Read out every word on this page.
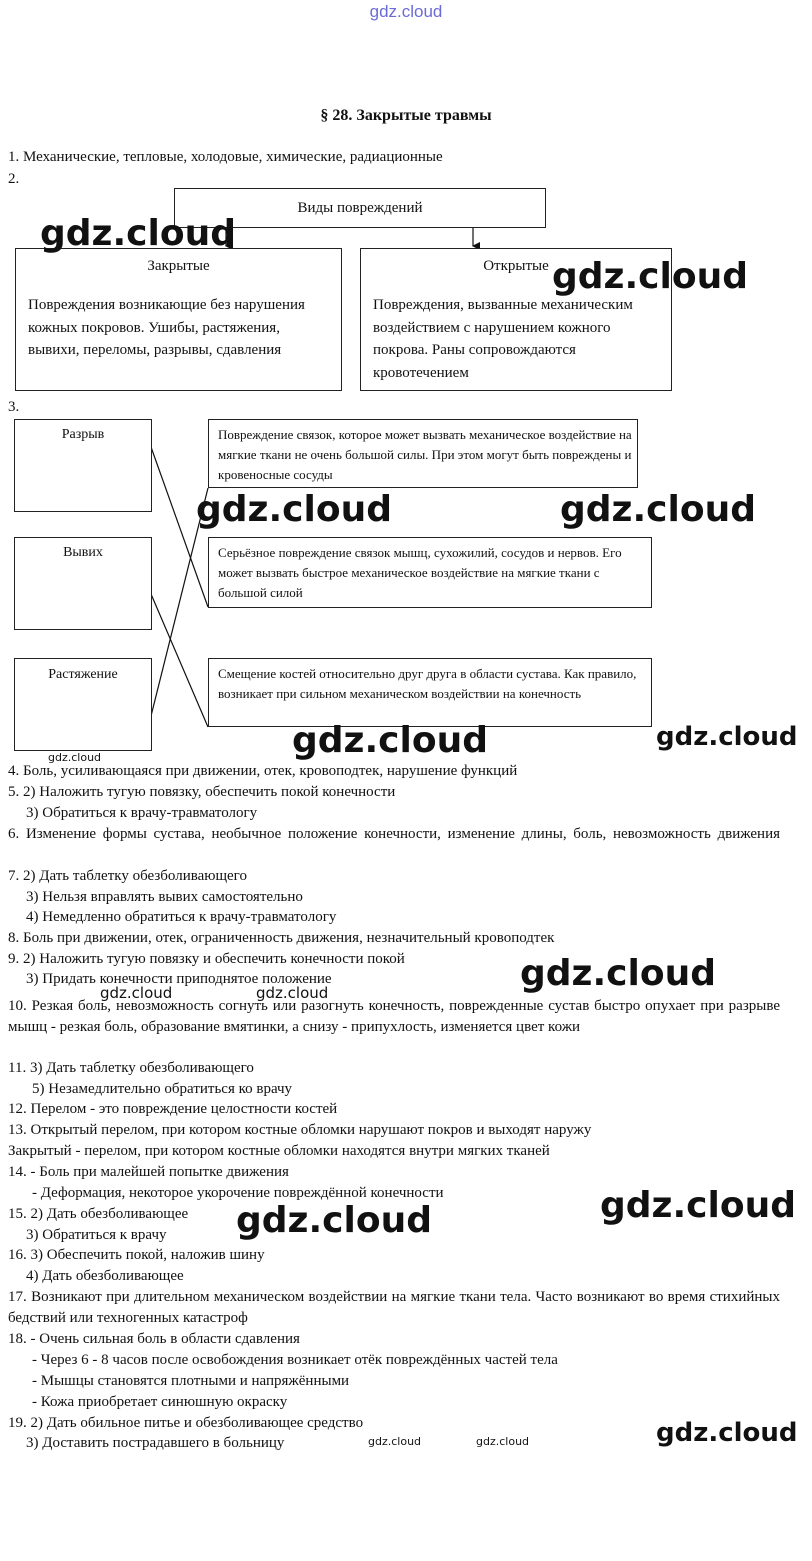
gdz.cloud
§ 28. Закрытые травмы
1. Механические, тепловые, холодовые, химические, радиационные
2.
Виды повреждений
Закрытые
Повреждения возникающие без нарушения кожных покровов. Ушибы, растяжения, вывихи, переломы, разрывы, сдавления
Открытые
Повреждения, вызванные механическим воздействием с нарушением кожного покрова. Раны сопровождаются кровотечением
3.
Разрыв
Вывих
Растяжение
Повреждение связок, которое может вызвать механическое воздействие на мягкие ткани не очень большой силы. При этом могут быть повреждены и кровеносные сосуды
Серьёзное повреждение связок мышц, сухожилий, сосудов и нервов. Его может вызвать быстрое механическое воздействие на мягкие ткани с большой силой
Смещение костей относительно друг друга в области сустава. Как правило, возникает при сильном механическом воздействии на конечность
4. Боль, усиливающаяся при движении, отек, кровоподтек, нарушение функций
5. 2) Наложить тугую повязку, обеспечить покой конечности
3) Обратиться к врачу-травматологу
6. Изменение формы сустава, необычное положение конечности, изменение длины, боль, невозможность движения
7. 2) Дать таблетку обезболивающего
3) Нельзя вправлять вывих самостоятельно
4) Немедленно обратиться к врачу-травматологу
8. Боль при движении, отек, ограниченность движения, незначительный кровоподтек
9. 2) Наложить тугую повязку и обеспечить конечности покой
3) Придать конечности приподнятое положение
10. Резкая боль, невозможность согнуть или разогнуть конечность, поврежденные сустав быстро опухает при разрыве мышц - резкая боль, образование вмятинки, а снизу - припухлость, изменяется цвет кожи
11. 3) Дать таблетку обезболивающего
5) Незамедлительно обратиться ко врачу
12. Перелом - это повреждение целостности костей
13. Открытый перелом, при котором костные обломки нарушают покров и выходят наружу
Закрытый - перелом, при котором костные обломки находятся внутри мягких тканей
14. - Боль при малейшей попытке движения
- Деформация, некоторое укорочение повреждённой конечности
15. 2) Дать обезболивающее
3) Обратиться к врачу
16. 3) Обеспечить покой, наложив шину
4) Дать обезболивающее
17. Возникают при длительном механическом воздействии на мягкие ткани тела. Часто возникают во время стихийных бедствий или техногенных катастроф
18. - Очень сильная боль в области сдавления
- Через 6 - 8 часов после освобождения возникает отёк повреждённых частей тела
- Мышцы становятся плотными и напряжёнными
- Кожа приобретает синюшную окраску
19. 2) Дать обильное питье и обезболивающее средство
3) Доставить пострадавшего в больницу
gdz.cloud
gdz.cloud
gdz.cloud	gdz.cloud
gdz.cloud	gdz.cloud
gdz.cloud
gdz.cloud
gdz.cloud	gdz.cloud
gdz.cloud
gdz.cloud
gdz.cloud
gdz.cloud	gdz.cloud
